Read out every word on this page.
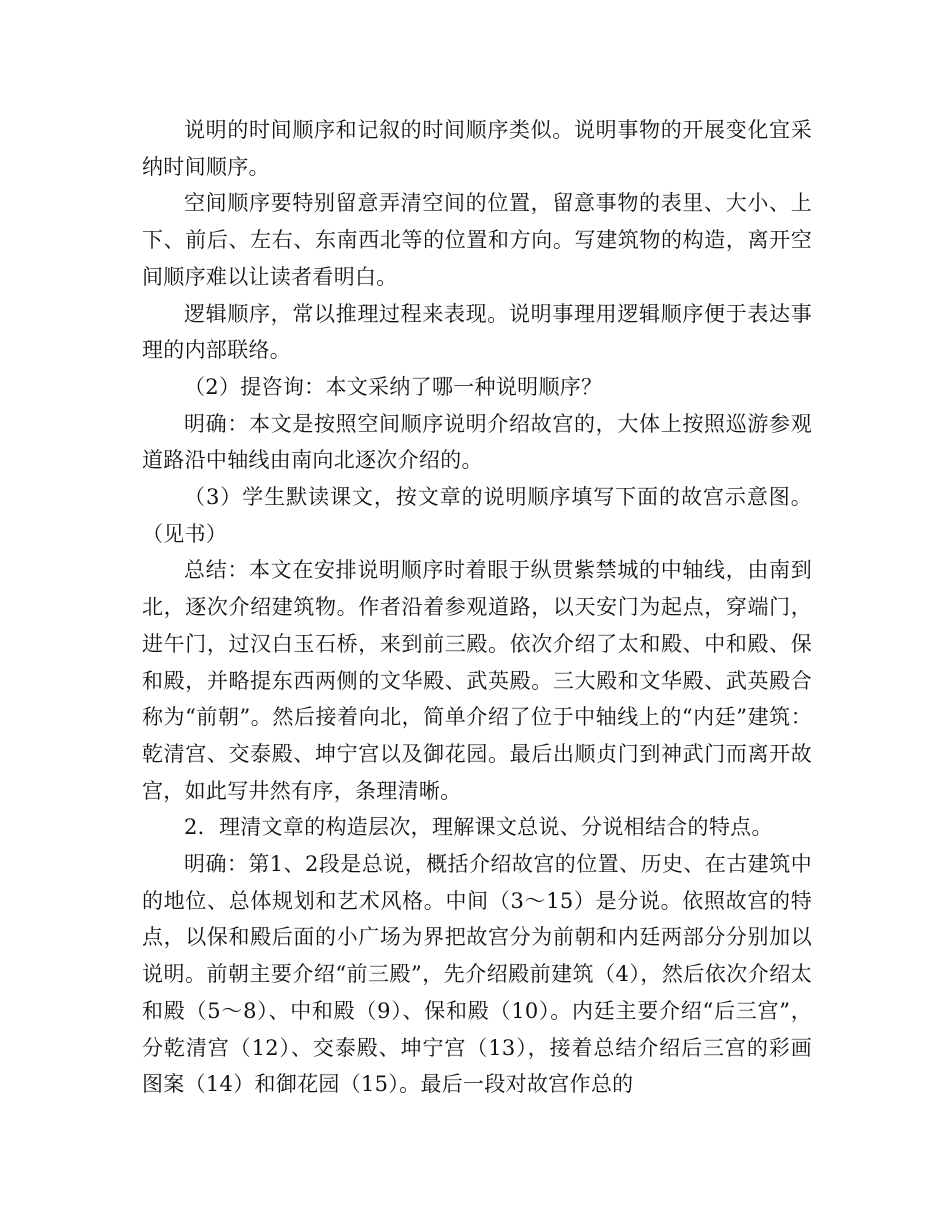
说明的时间顺序和记叙的时间顺序类似。说明事物的开展变化宜采纳时间顺序。

空间顺序要特别留意弄清空间的位置，留意事物的表里、大小、上下、前后、左右、东南西北等的位置和方向。写建筑物的构造，离开空间顺序难以让读者看明白。

逻辑顺序，常以推理过程来表现。说明事理用逻辑顺序便于表达事理的内部联络。

（2）提咨询：本文采纳了哪一种说明顺序？

明确：本文是按照空间顺序说明介绍故宫的，大体上按照巡游参观道路沿中轴线由南向北逐次介绍的。

（3）学生默读课文，按文章的说明顺序填写下面的故宫示意图。（见书）

总结：本文在安排说明顺序时着眼于纵贯紫禁城的中轴线，由南到北，逐次介绍建筑物。作者沿着参观道路，以天安门为起点，穿端门，进午门，过汉白玉石桥，来到前三殿。依次介绍了太和殿、中和殿、保和殿，并略提东西两侧的文华殿、武英殿。三大殿和文华殿、武英殿合称为“前朝”。然后接着向北，简单介绍了位于中轴线上的“内廷”建筑：乾清宫、交泰殿、坤宁宫以及御花园。最后出顺贞门到神武门而离开故宫，如此写井然有序，条理清晰。

2．理清文章的构造层次，理解课文总说、分说相结合的特点。

明确：第1、2段是总说，概括介绍故宫的位置、历史、在古建筑中的地位、总体规划和艺术风格。中间（3～15）是分说。依照故宫的特点，以保和殿后面的小广场为界把故宫分为前朝和内廷两部分分别加以说明。前朝主要介绍“前三殿”，先介绍殿前建筑（4），然后依次介绍太和殿（5～8）、中和殿（9）、保和殿（10）。内廷主要介绍“后三宫”，分乾清宫（12）、交泰殿、坤宁宫（13），接着总结介绍后三宫的彩画图案（14）和御花园（15）。最后一段对故宫作总的
